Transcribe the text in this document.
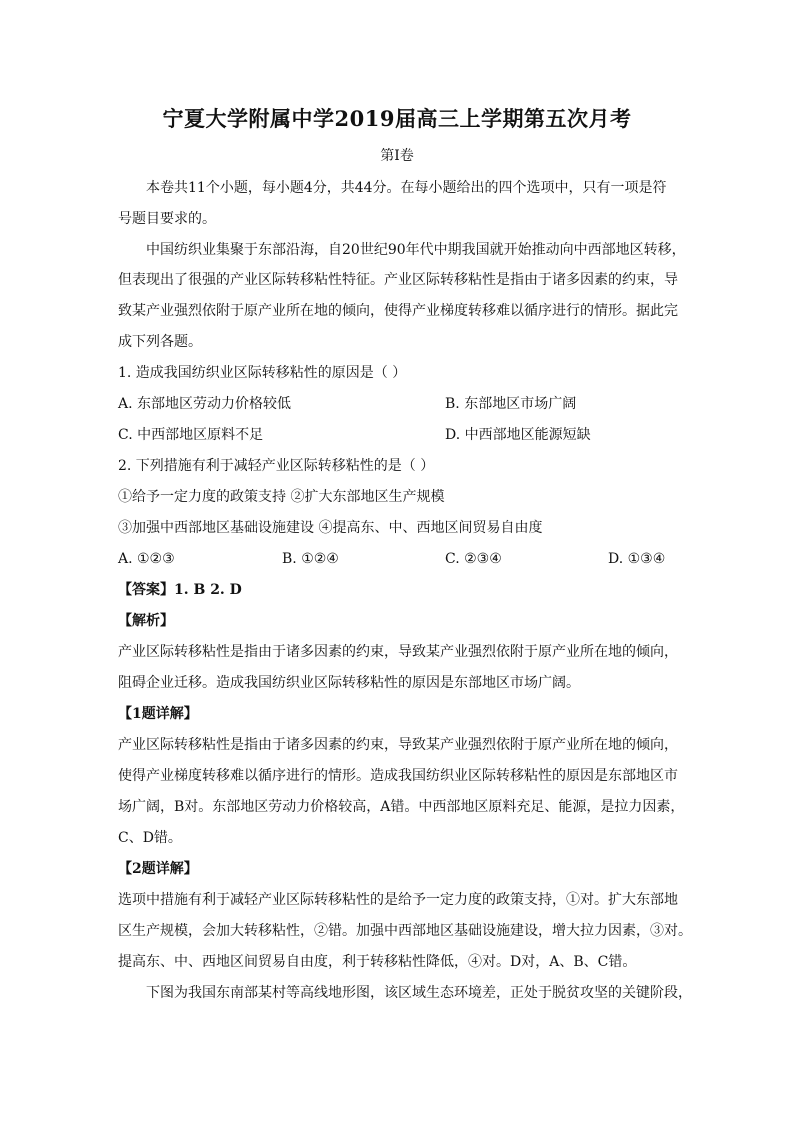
宁夏大学附属中学2019届高三上学期第五次月考
第I卷
本卷共11个小题，每小题4分，共44分。在每小题给出的四个选项中，只有一项是符
号题目要求的。
中国纺织业集聚于东部沿海，自20世纪90年代中期我国就开始推动向中西部地区转移，
但表现出了很强的产业区际转移粘性特征。产业区际转移粘性是指由于诸多因素的约束，导
致某产业强烈依附于原产业所在地的倾向，使得产业梯度转移难以循序进行的情形。据此完
成下列各题。
1. 造成我国纺织业区际转移粘性的原因是（ ）
A. 东部地区劳动力价格较低	B. 东部地区市场广阔
C. 中西部地区原料不足	D. 中西部地区能源短缺
2. 下列措施有利于减轻产业区际转移粘性的是（ ）
①给予一定力度的政策支持 ②扩大东部地区生产规模
③加强中西部地区基础设施建设 ④提高东、中、西地区间贸易自由度
A. ①②③	B. ①②④	C. ②③④	D. ①③④
【答案】1. B 2. D
【解析】
产业区际转移粘性是指由于诸多因素的约束，导致某产业强烈依附于原产业所在地的倾向，
阻碍企业迁移。造成我国纺织业区际转移粘性的原因是东部地区市场广阔。
【1题详解】
产业区际转移粘性是指由于诸多因素的约束，导致某产业强烈依附于原产业所在地的倾向，
使得产业梯度转移难以循序进行的情形。造成我国纺织业区际转移粘性的原因是东部地区市
场广阔，B对。东部地区劳动力价格较高，A错。中西部地区原料充足、能源，是拉力因素，
C、D错。
【2题详解】
选项中措施有利于减轻产业区际转移粘性的是给予一定力度的政策支持，①对。扩大东部地
区生产规模，会加大转移粘性，②错。加强中西部地区基础设施建设，增大拉力因素，③对。
提高东、中、西地区间贸易自由度，利于转移粘性降低，④对。D对，A、B、C错。
下图为我国东南部某村等高线地形图，该区域生态环境差，正处于脱贫攻坚的关键阶段，
